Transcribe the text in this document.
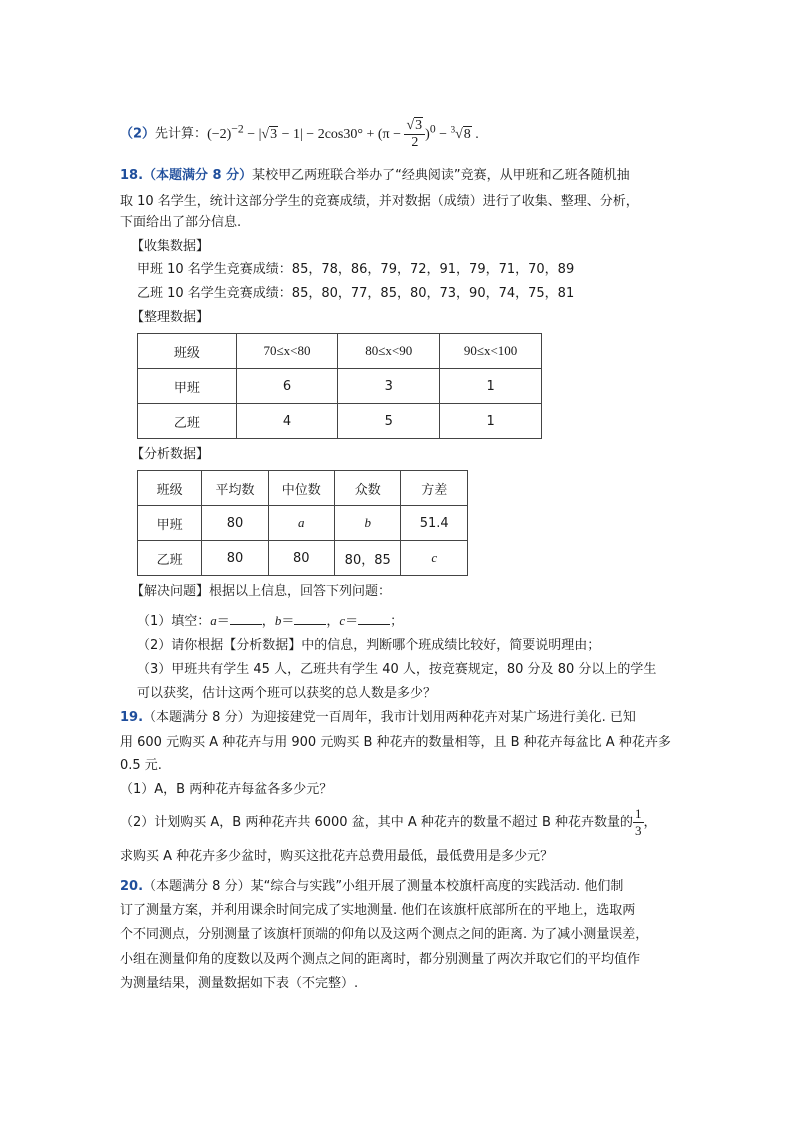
（2）先计算：$(-2)^{-2} - |√3 - 1| - 2\cos 30^\circ + (\pi - \frac{√3}{2} )^0 - ^3√8$ .
18.（本题满分 8 分）某校甲乙两班联合举办了“经典阅读”竞赛，从甲班和乙班各随机抽
取 10 名学生，统计这部分学生的竞赛成绩，并对数据（成绩）进行了收集、整理、分析，
下面给出了部分信息.
【收集数据】
甲班 10 名学生竞赛成绩：85，78，86，79，72，91，79，71，70，89
乙班 10 名学生竞赛成绩：85，80，77，85，80，73，90，74，75，81
【整理数据】
班级	70≤x<80	80≤x<90	90≤x<100
甲班	6	3	1
乙班	4	5	1
【分析数据】
班级	平均数	中位数	众数	方差
甲班	80	a	b	51.4
乙班	80	80	80，85	c
【解决问题】根据以上信息，回答下列问题：
（1）填空：a＝ ，b＝ ，c＝ ；
（2）请你根据【分析数据】中的信息，判断哪个班成绩比较好，简要说明理由；
（3）甲班共有学生 45 人，乙班共有学生 40 人，按竞赛规定，80 分及 80 分以上的学生
可以获奖，估计这两个班可以获奖的总人数是多少？
19.（本题满分 8 分）为迎接建党一百周年，我市计划用两种花卉对某广场进行美化. 已知
用 600 元购买 A 种花卉与用 900 元购买 B 种花卉的数量相等，且 B 种花卉每盆比 A 种花卉多
0.5 元.
（1）A，B 两种花卉每盆各多少元？
（2）计划购买 A，B 两种花卉共 6000 盆，其中 A 种花卉的数量不超过 B 种花卉数量的 $\frac{1}{3}$ ，
求购买 A 种花卉多少盆时，购买这批花卉总费用最低，最低费用是多少元？
20.（本题满分 8 分）某“综合与实践”小组开展了测量本校旗杆高度的实践活动. 他们制
订了测量方案，并利用课余时间完成了实地测量. 他们在该旗杆底部所在的平地上，选取两
个不同测点，分别测量了该旗杆顶端的仰角以及这两个测点之间的距离. 为了减小测量误差，
小组在测量仰角的度数以及两个测点之间的距离时，都分别测量了两次并取它们的平均值作
为测量结果，测量数据如下表（不完整）.
